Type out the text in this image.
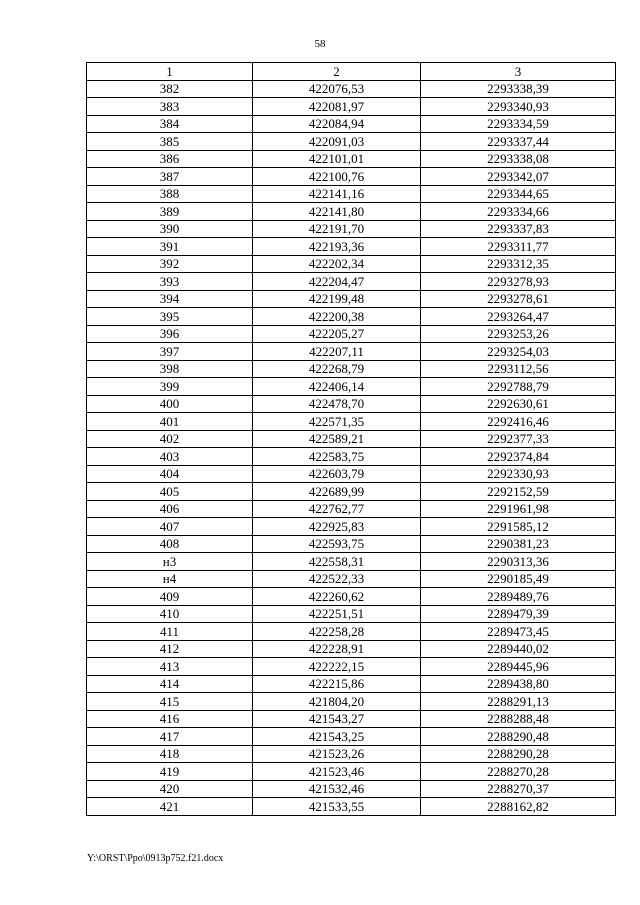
58
1	2	3
382	422076,53	2293338,39
383	422081,97	2293340,93
384	422084,94	2293334,59
385	422091,03	2293337,44
386	422101,01	2293338,08
387	422100,76	2293342,07
388	422141,16	2293344,65
389	422141,80	2293334,66
390	422191,70	2293337,83
391	422193,36	2293311,77
392	422202,34	2293312,35
393	422204,47	2293278,93
394	422199,48	2293278,61
395	422200,38	2293264,47
396	422205,27	2293253,26
397	422207,11	2293254,03
398	422268,79	2293112,56
399	422406,14	2292788,79
400	422478,70	2292630,61
401	422571,35	2292416,46
402	422589,21	2292377,33
403	422583,75	2292374,84
404	422603,79	2292330,93
405	422689,99	2292152,59
406	422762,77	2291961,98
407	422925,83	2291585,12
408	422593,75	2290381,23
н3	422558,31	2290313,36
н4	422522,33	2290185,49
409	422260,62	2289489,76
410	422251,51	2289479,39
411	422258,28	2289473,45
412	422228,91	2289440,02
413	422222,15	2289445,96
414	422215,86	2289438,80
415	421804,20	2288291,13
416	421543,27	2288288,48
417	421543,25	2288290,48
418	421523,26	2288290,28
419	421523,46	2288270,28
420	421532,46	2288270,37
421	421533,55	2288162,82
Y:\ORST\Ppo\0913p752.f21.docx
